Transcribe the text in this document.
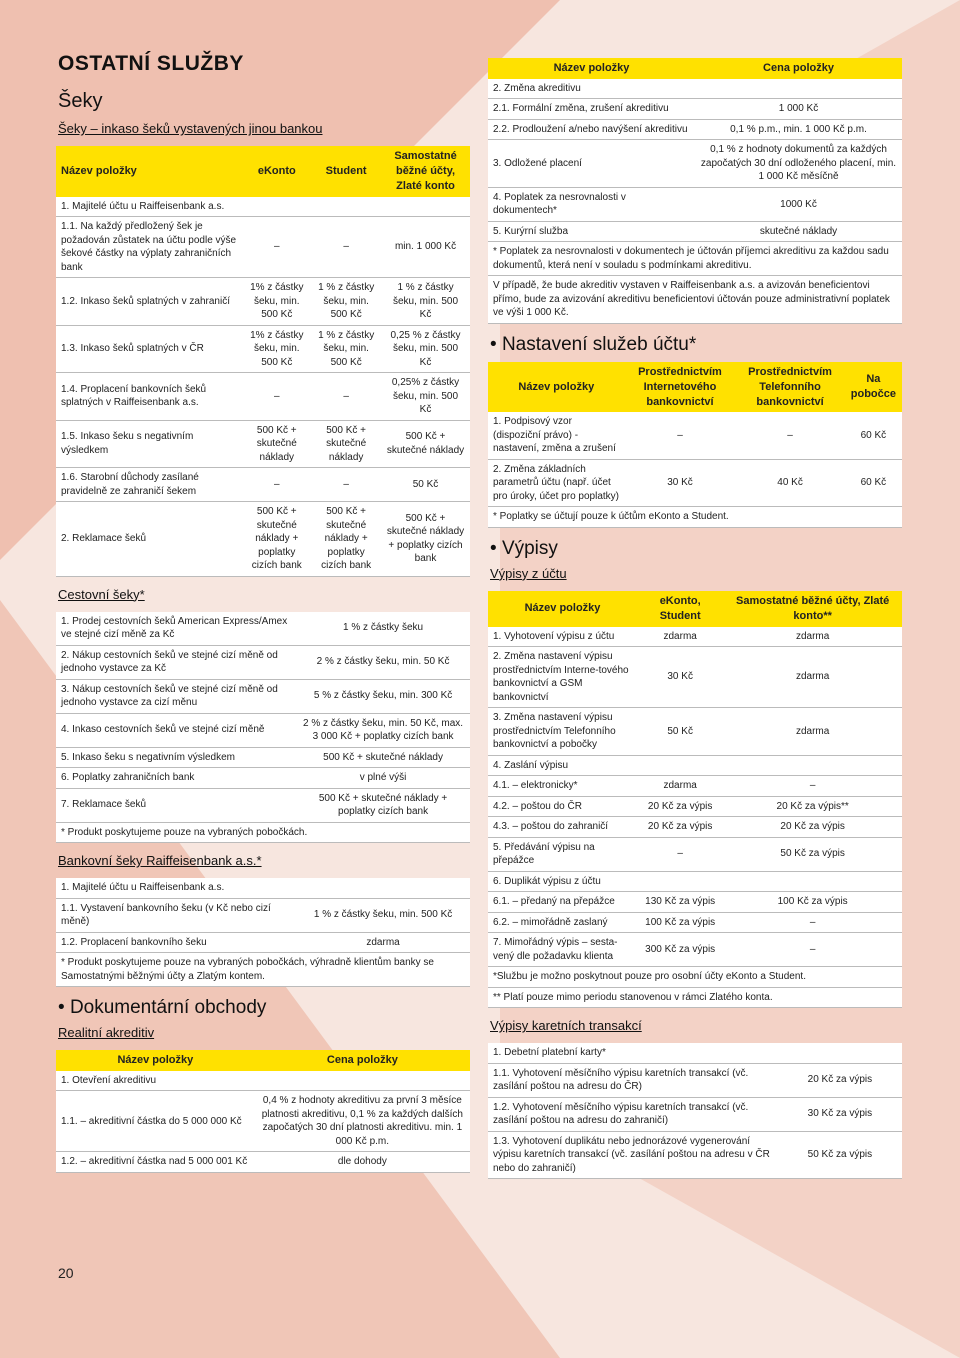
OSTATNÍ SLUŽBY
Šeky
Šeky – inkaso šeků vystavených jinou bankou
Název položky	eKonto	Student	Samostatné běžné účty, Zlaté konto
1. Majitelé účtu u Raiffeisenbank a.s.			
1.1. Na každý předložený šek je požadován zůstatek na účtu podle výše šekové částky na výplaty zahraničních bank	–	–	min. 1 000 Kč
1.2. Inkaso šeků splatných v zahraničí	1% z částky šeku, min. 500 Kč	1 % z částky šeku, min. 500 Kč	1 % z částky šeku, min. 500 Kč
1.3. Inkaso šeků splatných v ČR	1% z částky šeku, min. 500 Kč	1 % z částky šeku, min. 500 Kč	0,25 % z částky šeku, min. 500 Kč
1.4. Proplacení bankovních šeků splatných v Raiffeisenbank a.s.	–	–	0,25% z částky šeku, min. 500 Kč
1.5. Inkaso šeku s negativním výsledkem	500 Kč + skutečné náklady	500 Kč + skutečné náklady	500 Kč + skutečné náklady
1.6. Starobní důchody zasílané pravidelně ze zahraničí šekem	–	–	50 Kč
2. Reklamace šeků	500 Kč + skutečné náklady + poplatky cizích bank	500 Kč + skutečné náklady + poplatky cizích bank	500 Kč + skutečné náklady + poplatky cizích bank
Cestovní šeky*
1. Prodej cestovních šeků American Express/Amex ve stejné cizí měně za Kč	1 % z částky šeku
2. Nákup cestovních šeků ve stejné cizí měně od jednoho vystavce za Kč	2 % z částky šeku, min. 50 Kč
3. Nákup cestovních šeků ve stejné cizí měně od jednoho vystavce za cizí měnu	5 % z částky šeku, min. 300 Kč
4. Inkaso cestovních šeků ve stejné cizí měně	2 % z částky šeku, min. 50 Kč, max. 3 000 Kč + poplatky cizích bank
5. Inkaso šeku s negativním výsledkem	500 Kč + skutečné náklady
6. Poplatky zahraničních bank	v plné výši
7. Reklamace šeků	500 Kč + skutečné náklady + poplatky cizích bank
* Produkt poskytujeme pouze na vybraných pobočkách.	
Bankovní šeky Raiffeisenbank a.s.*
1. Majitelé účtu u Raiffeisenbank a.s.	
1.1. Vystavení bankovního šeku (v Kč nebo cizí měně)	1 % z částky šeku, min. 500 Kč
1.2. Proplacení bankovního šeku	zdarma
* Produkt poskytujeme pouze na vybraných pobočkách, výhradně klientům banky se Samostatnými běžnými účty a Zlatým kontem.	
• Dokumentární obchody
Realitní akreditiv
Název položky	Cena položky
1. Otevření akreditivu	
1.1. – akreditivní částka do 5 000 000 Kč	0,4 % z hodnoty akreditivu za první 3 měsíce platnosti akreditivu, 0,1 % za každých dalších započatých 30 dní platnosti akreditivu. min. 1 000 Kč p.m.
1.2. – akreditivní částka nad 5 000 001 Kč	dle dohody
Název položky	Cena položky
2. Změna akreditivu	
2.1. Formální změna, zrušení akreditivu	1 000 Kč
2.2. Prodloužení a/nebo navýšení akreditivu	0,1 % p.m., min. 1 000 Kč p.m.
3. Odložené placení	0,1 % z hodnoty dokumentů za každých započatých 30 dní odloženého placení, min. 1 000 Kč měsíčně
4. Poplatek za nesrovnalosti v dokumentech*	1000 Kč
5. Kurýrní služba	skutečné náklady
* Poplatek za nesrovnalosti v dokumentech je účtován příjemci akreditivu za každou sadu dokumentů, která není v souladu s podmínkami akreditivu.	
V případě, že bude akreditiv vystaven v Raiffeisenbank a.s. a avizován beneficientovi přímo, bude za avizování akreditivu beneficientovi účtován pouze administrativní poplatek ve výši 1 000 Kč.	
• Nastavení služeb účtu*
Název položky	Prostřednictvím Internetového bankovnictví	Prostřednictvím Telefonního bankovnictví	Na pobočce
1. Podpisový vzor (dispoziční právo) - nastavení, změna a zrušení	–	–	60 Kč
2. Změna základních parametrů účtu (např. účet pro úroky, účet pro poplatky)	30 Kč	40 Kč	60 Kč
* Poplatky se účtují pouze k účtům eKonto a Student.			
• Výpisy
Výpisy z účtu
Název položky	eKonto, Student	Samostatné běžné účty, Zlaté konto**
1. Vyhotovení výpisu z účtu	zdarma	zdarma
2. Změna nastavení výpisu prostřednictvím Interne-tového bankovnictví a GSM bankovnictví	30 Kč	zdarma
3. Změna nastavení výpisu prostřednictvím Telefonního bankovnictví a pobočky	50 Kč	zdarma
4. Zaslání výpisu		
4.1. – elektronicky*	zdarma	–
4.2. – poštou do ČR	20 Kč za výpis	20 Kč za výpis**
4.3. – poštou do zahraničí	20 Kč za výpis	20 Kč za výpis
5. Předávání výpisu na přepážce	–	50 Kč za výpis
6. Duplikát výpisu z účtu		
6.1. – předaný na přepážce	130 Kč za výpis	100 Kč za výpis
6.2. – mimořádně zaslaný	100 Kč za výpis	–
7. Mimořádný výpis – sesta-vený dle požadavku klienta	300 Kč za výpis	–
*Službu je možno poskytnout pouze pro osobní účty eKonto a Student.		
** Platí pouze mimo periodu stanovenou v rámci Zlatého konta.		
Výpisy karetních transakcí
1. Debetní platební karty*	
1.1. Vyhotovení měsíčního výpisu karetních transakcí (vč. zasílání poštou na adresu do ČR)	20 Kč za výpis
1.2. Vyhotovení měsíčního výpisu karetních transakcí (vč. zasílání poštou na adresu do zahraničí)	30 Kč za výpis
1.3. Vyhotovení duplikátu nebo jednorázové vygenerování výpisu karetních transakcí (vč. zasílání poštou na adresu v ČR nebo do zahraničí)	50 Kč za výpis
20
